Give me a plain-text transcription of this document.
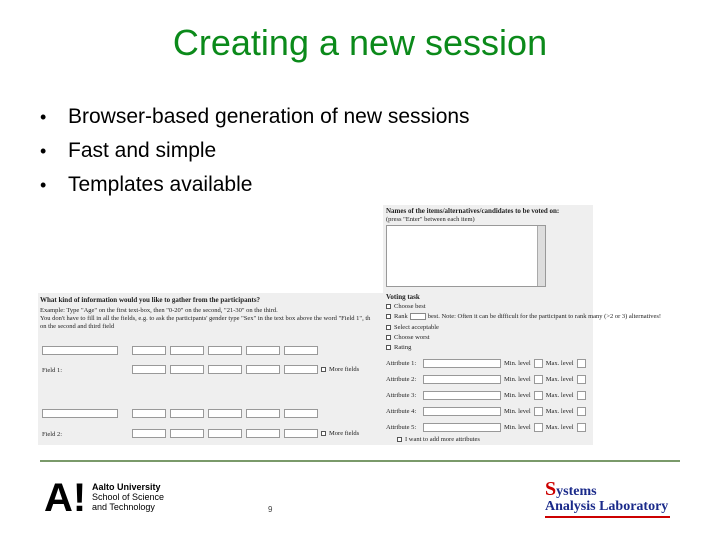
Creating a new session
•	Browser-based generation of new sessions
•	Fast and simple
•	Templates available
What kind of information would you like to gather from the participants?
Example: Type "Age" on the first text-box, then "0-20" on the second, "21-30" on the third.
You don't have to fill in all the fields, e.g. to ask the participants' gender type "Sex" in the text box above the word "Field 1", th
on the second and third field
Field 1:	More fields
Field 2:	More fields
Names of the items/alternatives/candidates to be voted on:
(press "Enter" between each item)
Voting task
Choose best
Rank	best. Note: Often it can be difficult for the participant to rank many (>2 or 3) alternatives!
Select acceptable
Choose worst
Rating
Attribute 1:	Min. level Max. level
Attribute 2:	Min. level Max. level
Attribute 3:	Min. level Max. level
Attribute 4:	Min. level Max. level
Attribute 5:	Min. level Max. level
I want to add more attributes
A! Aalto University
School of Science
and Technology	9
Systems
Analysis Laboratory
